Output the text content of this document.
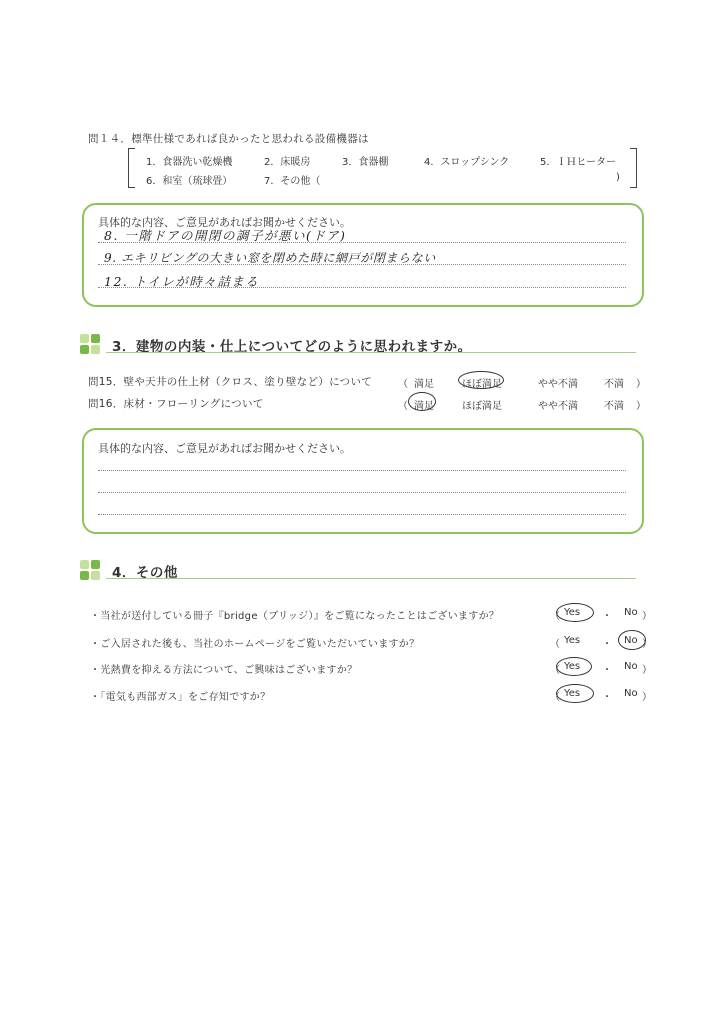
問１４．標準仕様であれば良かったと思われる設備機器は
1．食器洗い乾燥機	2．床暖房	3．食器棚	4．スロップシンク	5．ＩＨヒーター
6．和室（琉球畳）	7．その他（	)
具体的な内容、ご意見があればお聞かせください。
8. 一階ドアの開閉の調子が悪い(ドア)
9. エキリビングの大きい窓を閉めた時に網戸が閉まらない
12. トイレが時々詰まる
3．建物の内装・仕上についてどのように思われますか。
問15．壁や天井の仕上材（クロス、塗り壁など）について	（ 満足	ほぼ満足	やや不満	不満 ）
問16．床材・フローリングについて	（ 満足	ほぼ満足	やや不満	不満 ）
具体的な内容、ご意見があればお聞かせください。
4．その他
・当社が送付している冊子『bridge（ブリッジ）』をご覧になったことはございますか？	（ Yes ・ No ）
・ご入居された後も、当社のホームページをご覧いただいていますか？	（ Yes ・ No ）
・光熱費を抑える方法について、ご興味はございますか？	（ Yes ・ No ）
・「電気も西部ガス」をご存知ですか？	（ Yes ・ No ）
